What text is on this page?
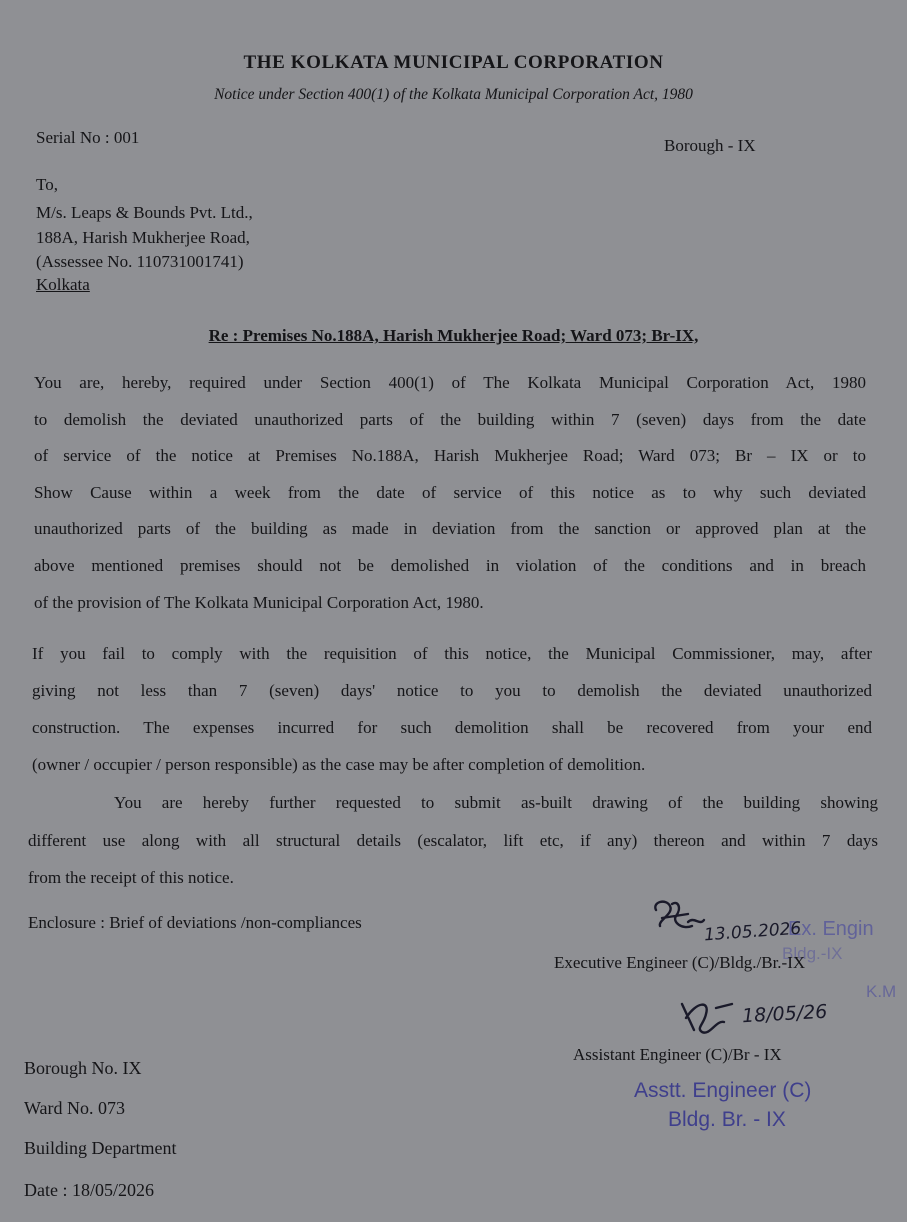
THE KOLKATA MUNICIPAL CORPORATION
Notice under Section 400(1) of the Kolkata Municipal Corporation Act, 1980
Serial No : 001	Borough - IX
To,
M/s. Leaps & Bounds Pvt. Ltd.,
188A, Harish Mukherjee Road,
(Assessee No. 110731001741)
Kolkata
Re : Premises No.188A, Harish Mukherjee Road; Ward 073; Br-IX,
You are, hereby, required under Section 400(1) of The Kolkata Municipal Corporation Act, 1980
to demolish the deviated unauthorized parts of the building within 7 (seven) days from the date
of service of the notice at Premises No.188A, Harish Mukherjee Road; Ward 073; Br – IX or to
Show Cause within a week from the date of service of this notice as to why such deviated
unauthorized parts of the building as made in deviation from the sanction or approved plan at the
above mentioned premises should not be demolished in violation of the conditions and in breach
of the provision of The Kolkata Municipal Corporation Act, 1980.
If you fail to comply with the requisition of this notice, the Municipal Commissioner, may, after
giving not less than 7 (seven) days' notice to you to demolish the deviated unauthorized
construction. The expenses incurred for such demolition shall be recovered from your end
(owner / occupier / person responsible) as the case may be after completion of demolition.
You are hereby further requested to submit as-built drawing of the building showing
different use along with all structural details (escalator, lift etc, if any) thereon and within 7 days
from the receipt of this notice.
Enclosure : Brief of deviations /non-compliances	Ex. Engin
Bldg.-IX
K.M
13.05.2026
Executive Engineer (C)/Bldg./Br.-IX
18/05/26
Assistant Engineer (C)/Br - IX
Asstt. Engineer (C)
Bldg. Br. - IX
Borough No. IX
Ward No. 073
Building Department
Date : 18/05/2026
